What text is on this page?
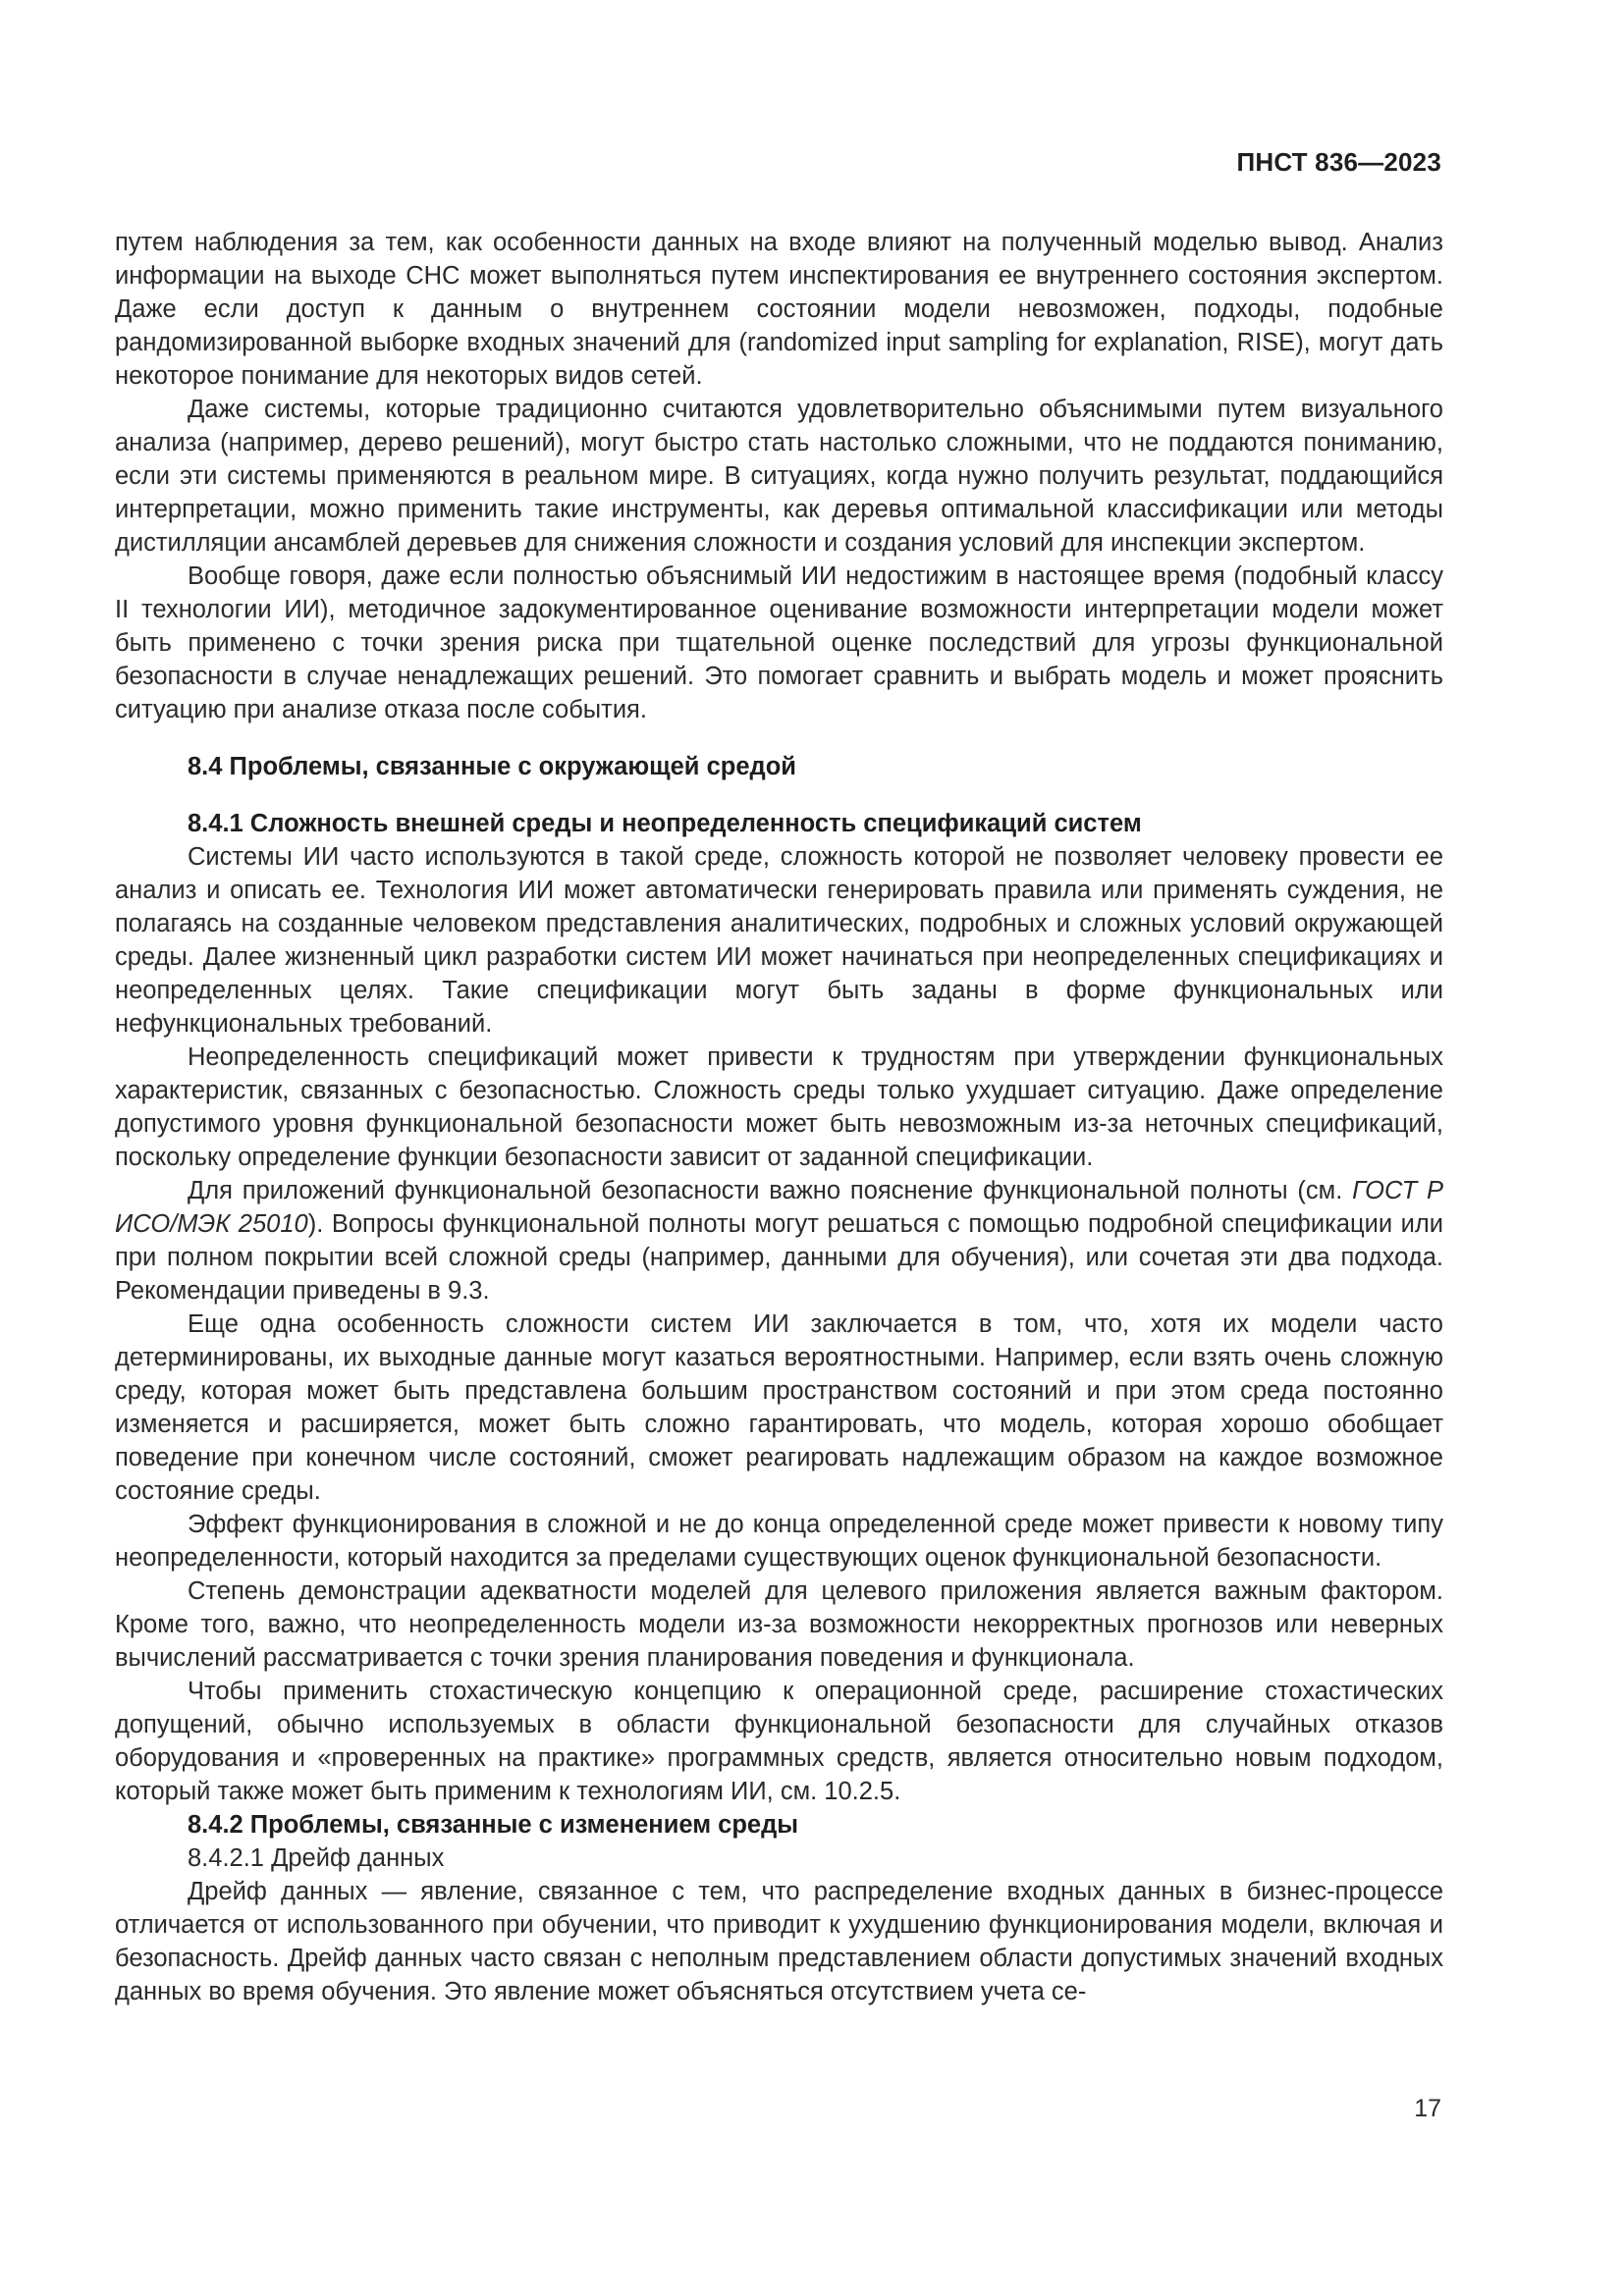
ПНСТ 836—2023

путем наблюдения за тем, как особенности данных на входе влияют на полученный моделью вывод. Анализ информации на выходе СНС может выполняться путем инспектирования ее внутреннего состояния экспертом. Даже если доступ к данным о внутреннем состоянии модели невозможен, подходы, подобные рандомизированной выборке входных значений для (randomized input sampling for explanation, RISE), могут дать некоторое понимание для некоторых видов сетей.

Даже системы, которые традиционно считаются удовлетворительно объяснимыми путем визуального анализа (например, дерево решений), могут быстро стать настолько сложными, что не поддаются пониманию, если эти системы применяются в реальном мире. В ситуациях, когда нужно получить результат, поддающийся интерпретации, можно применить такие инструменты, как деревья оптимальной классификации или методы дистилляции ансамблей деревьев для снижения сложности и создания условий для инспекции экспертом.

Вообще говоря, даже если полностью объяснимый ИИ недостижим в настоящее время (подобный классу II технологии ИИ), методичное задокументированное оценивание возможности интерпретации модели может быть применено с точки зрения риска при тщательной оценке последствий для угрозы функциональной безопасности в случае ненадлежащих решений. Это помогает сравнить и выбрать модель и может прояснить ситуацию при анализе отказа после события.

8.4 Проблемы, связанные с окружающей средой
8.4.1 Сложность внешней среды и неопределенность спецификаций систем

Системы ИИ часто используются в такой среде, сложность которой не позволяет человеку провести ее анализ и описать ее. Технология ИИ может автоматически генерировать правила или применять суждения, не полагаясь на созданные человеком представления аналитических, подробных и сложных условий окружающей среды. Далее жизненный цикл разработки систем ИИ может начинаться при неопределенных спецификациях и неопределенных целях. Такие спецификации могут быть заданы в форме функциональных или нефункциональных требований.

Неопределенность спецификаций может привести к трудностям при утверждении функциональных характеристик, связанных с безопасностью. Сложность среды только ухудшает ситуацию. Даже определение допустимого уровня функциональной безопасности может быть невозможным из-за неточных спецификаций, поскольку определение функции безопасности зависит от заданной спецификации.

Для приложений функциональной безопасности важно пояснение функциональной полноты (см. ГОСТ Р ИСО/МЭК 25010). Вопросы функциональной полноты могут решаться с помощью подробной спецификации или при полном покрытии всей сложной среды (например, данными для обучения), или сочетая эти два подхода. Рекомендации приведены в 9.3.

Еще одна особенность сложности систем ИИ заключается в том, что, хотя их модели часто детерминированы, их выходные данные могут казаться вероятностными. Например, если взять очень сложную среду, которая может быть представлена большим пространством состояний и при этом среда постоянно изменяется и расширяется, может быть сложно гарантировать, что модель, которая хорошо обобщает поведение при конечном числе состояний, сможет реагировать надлежащим образом на каждое возможное состояние среды.

Эффект функционирования в сложной и не до конца определенной среде может привести к новому типу неопределенности, который находится за пределами существующих оценок функциональной безопасности.

Степень демонстрации адекватности моделей для целевого приложения является важным фактором. Кроме того, важно, что неопределенность модели из-за возможности некорректных прогнозов или неверных вычислений рассматривается с точки зрения планирования поведения и функционала.

Чтобы применить стохастическую концепцию к операционной среде, расширение стохастических допущений, обычно используемых в области функциональной безопасности для случайных отказов оборудования и «проверенных на практике» программных средств, является относительно новым подходом, который также может быть применим к технологиям ИИ, см. 10.2.5.

8.4.2 Проблемы, связанные с изменением среды
8.4.2.1 Дрейф данных

Дрейф данных — явление, связанное с тем, что распределение входных данных в бизнес-процессе отличается от использованного при обучении, что приводит к ухудшению функционирования модели, включая и безопасность. Дрейф данных часто связан с неполным представлением области допустимых значений входных данных во время обучения. Это явление может объясняться отсутствием учета се-

17
